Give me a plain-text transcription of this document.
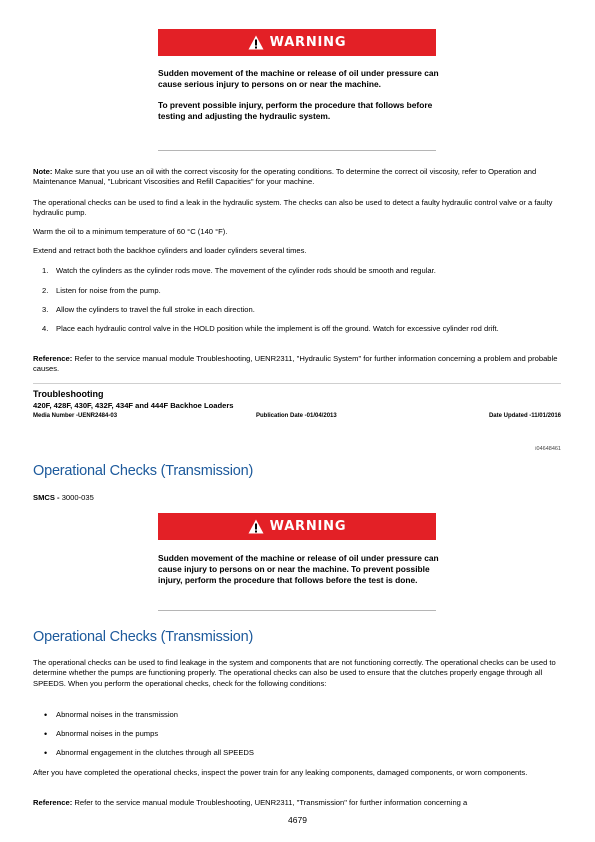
WARNING

Sudden movement of the machine or release of oil under pressure can cause serious injury to persons on or near the machine.

To prevent possible injury, perform the procedure that follows before testing and adjusting the hydraulic system.

Note: Make sure that you use an oil with the correct viscosity for the operating conditions. To determine the correct oil viscosity, refer to Operation and Maintenance Manual, "Lubricant Viscosities and Refill Capacities" for your machine.

The operational checks can be used to find a leak in the hydraulic system. The checks can also be used to detect a faulty hydraulic control valve or a faulty hydraulic pump.

Warm the oil to a minimum temperature of 60 °C (140 °F).

Extend and retract both the backhoe cylinders and loader cylinders several times.

1.	Watch the cylinders as the cylinder rods move. The movement of the cylinder rods should be smooth and regular.
2.	Listen for noise from the pump.
3.	Allow the cylinders to travel the full stroke in each direction.
4.	Place each hydraulic control valve in the HOLD position while the implement is off the ground. Watch for excessive cylinder rod drift.

Reference: Refer to the service manual module Troubleshooting, UENR2311, "Hydraulic System" for further information concerning a problem and probable causes.

Troubleshooting
420F, 428F, 430F, 432F, 434F and 444F Backhoe Loaders
Media Number -UENR2484-03	Publication Date -01/04/2013	Date Updated -11/01/2016
i04648461
Operational Checks (Transmission)
SMCS - 3000-035
WARNING

Sudden movement of the machine or release of oil under pressure can cause injury to persons on or near the machine. To prevent possible injury, perform the procedure that follows before the test is done.

Operational Checks (Transmission)

The operational checks can be used to find leakage in the system and components that are not functioning correctly. The operational checks can be used to determine whether the pumps are functioning properly. The operational checks can also be used to ensure that the clutches properly engage through all SPEEDS. When you perform the operational checks, check for the following conditions:

•	Abnormal noises in the transmission
•	Abnormal noises in the pumps
•	Abnormal engagement in the clutches through all SPEEDS

After you have completed the operational checks, inspect the power train for any leaking components, damaged components, or worn components.

Reference: Refer to the service manual module Troubleshooting, UENR2311, "Transmission" for further information concerning a

4679
